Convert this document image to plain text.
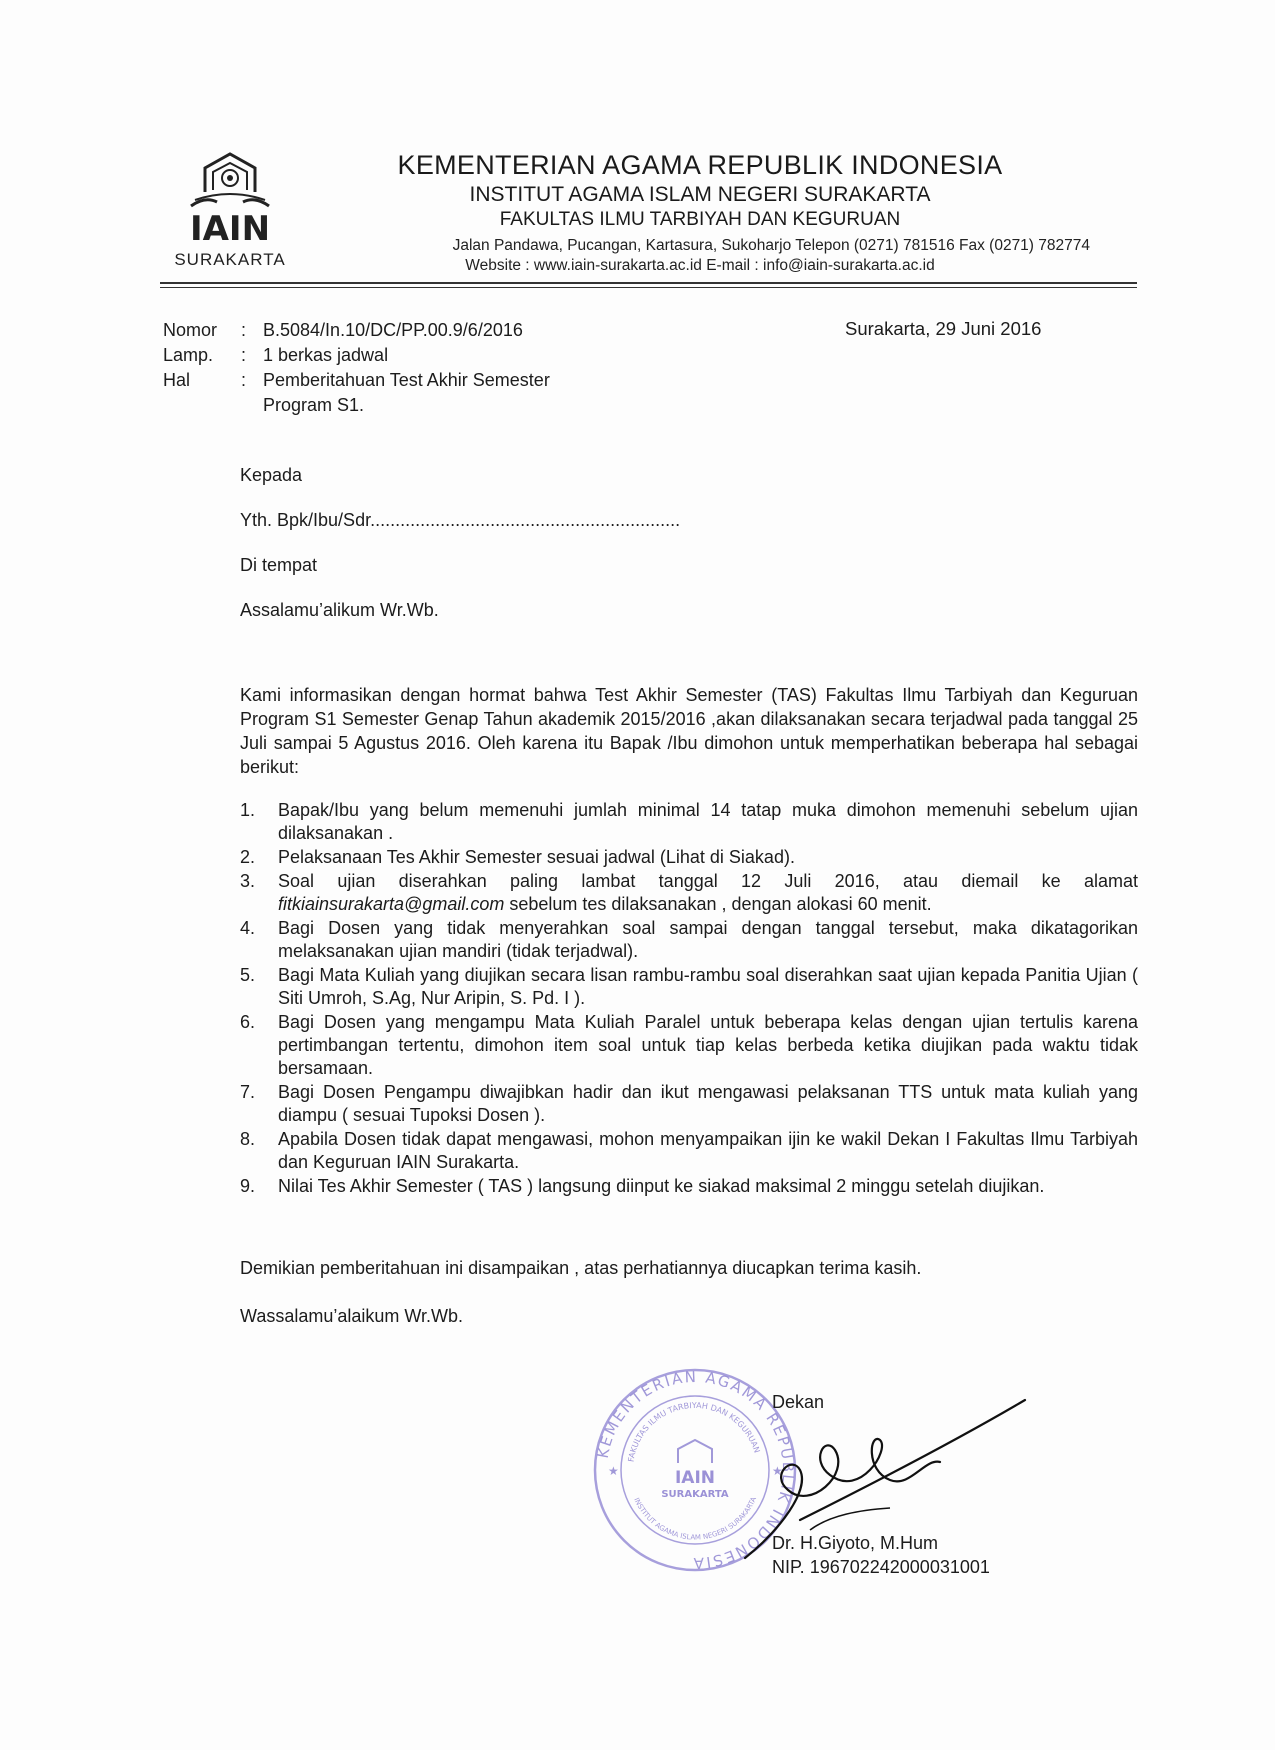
IAIN
SURAKARTA
KEMENTERIAN AGAMA REPUBLIK INDONESIA
INSTITUT AGAMA ISLAM NEGERI SURAKARTA
FAKULTAS ILMU TARBIYAH DAN KEGURUAN
Jalan Pandawa, Pucangan, Kartasura, Sukoharjo Telepon (0271) 781516 Fax (0271) 782774
Website : www.iain-surakarta.ac.id E-mail : info@iain-surakarta.ac.id
Nomor	: B.5084/In.10/DC/PP.00.9/6/2016
Lamp.	: 1 berkas jadwal
Hal	: Pemberitahuan Test Akhir Semester
Program S1.
Surakarta, 29 Juni 2016
Kepada
Yth. Bpk/Ibu/Sdr..............................................................
Di tempat
Assalamu’alikum Wr.Wb.
Kami informasikan dengan hormat bahwa Test Akhir Semester (TAS) Fakultas Ilmu Tarbiyah dan Keguruan Program S1 Semester Genap Tahun akademik 2015/2016 ,akan dilaksanakan secara terjadwal pada tanggal 25 Juli sampai 5 Agustus 2016. Oleh karena itu Bapak /Ibu dimohon untuk memperhatikan beberapa hal sebagai berikut:
1.	Bapak/Ibu yang belum memenuhi jumlah minimal 14 tatap muka dimohon memenuhi sebelum ujian dilaksanakan .
2.	Pelaksanaan Tes Akhir Semester sesuai jadwal (Lihat di Siakad).
3.	Soal ujian diserahkan paling lambat tanggal 12 Juli 2016, atau diemail ke alamat fitkiainsurakarta@gmail.com sebelum tes dilaksanakan , dengan alokasi 60 menit.
4.	Bagi Dosen yang tidak menyerahkan soal sampai dengan tanggal tersebut, maka dikatagorikan melaksanakan ujian mandiri (tidak terjadwal).
5.	Bagi Mata Kuliah yang diujikan secara lisan rambu-rambu soal diserahkan saat ujian kepada Panitia Ujian ( Siti Umroh, S.Ag, Nur Aripin, S. Pd. I ).
6.	Bagi Dosen yang mengampu Mata Kuliah Paralel untuk beberapa kelas dengan ujian tertulis karena pertimbangan tertentu, dimohon item soal untuk tiap kelas berbeda ketika diujikan pada waktu tidak bersamaan.
7.	Bagi Dosen Pengampu diwajibkan hadir dan ikut mengawasi pelaksanan TTS untuk mata kuliah yang diampu ( sesuai Tupoksi Dosen ).
8.	Apabila Dosen tidak dapat mengawasi, mohon menyampaikan ijin ke wakil Dekan I Fakultas Ilmu Tarbiyah dan Keguruan IAIN Surakarta.
9.	Nilai Tes Akhir Semester ( TAS ) langsung diinput ke siakad maksimal 2 minggu setelah diujikan.
Demikian pemberitahuan ini disampaikan , atas perhatiannya diucapkan terima kasih.
Wassalamu’alaikum Wr.Wb.
KEMENTERIAN AGAMA REPUBLIK INDONESIA
FAKULTAS ILMU TARBIYAH DAN KEGURUAN
INSTITUT AGAMA ISLAM NEGERI SURAKARTA
IAIN
SURAKARTA
★	★
Dekan
Dr. H.Giyoto, M.Hum
NIP. 196702242000031001
